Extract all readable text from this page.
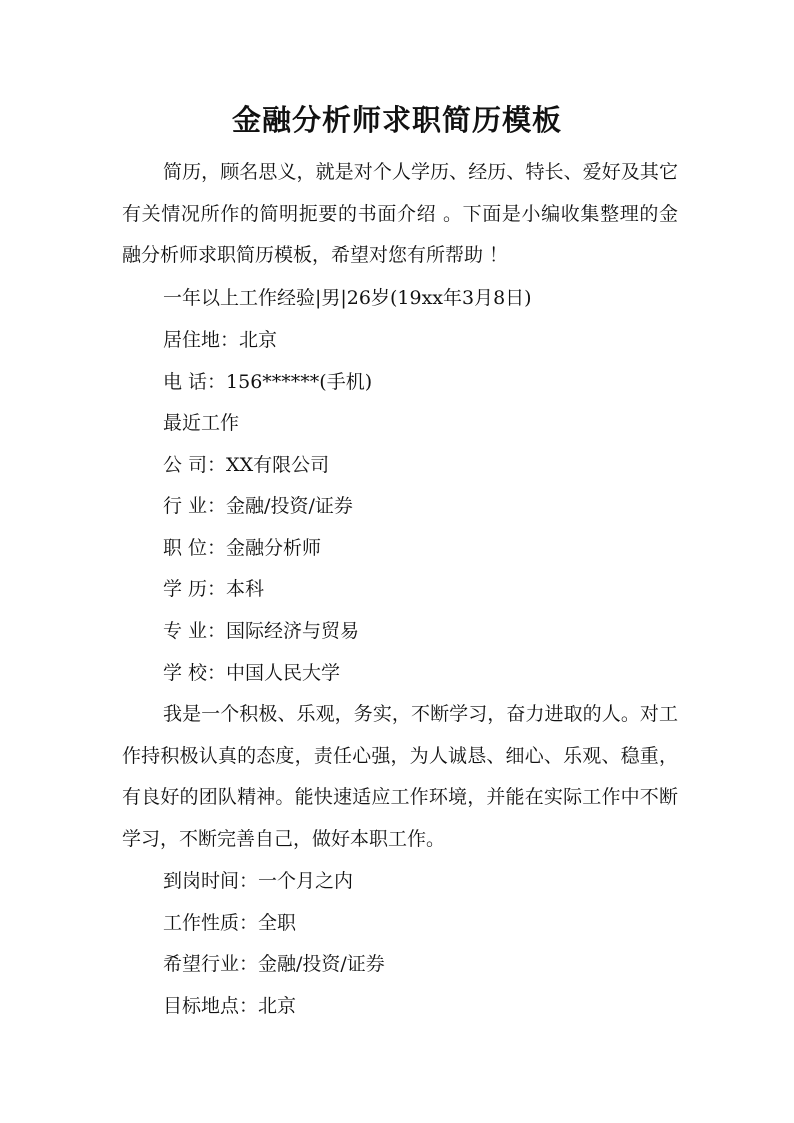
金融分析师求职简历模板
简历，顾名思义，就是对个人学历、经历、特长、爱好及其它有关情况所作的简明扼要的书面介绍 。下面是小编收集整理的金融分析师求职简历模板，希望对您有所帮助 ！
一年以上工作经验|男|26岁(19xx年3月8日)
居住地：北京
电 话：156******(手机)
最近工作
公 司：XX有限公司
行 业：金融/投资/证券
职 位：金融分析师
学 历：本科
专 业：国际经济与贸易
学 校：中国人民大学
我是一个积极、乐观，务实，不断学习，奋力进取的人。对工作持积极认真的态度，责任心强，为人诚恳、细心、乐观、稳重，有良好的团队精神。能快速适应工作环境，并能在实际工作中不断学习，不断完善自己，做好本职工作。
到岗时间：一个月之内
工作性质：全职
希望行业：金融/投资/证券
目标地点：北京
